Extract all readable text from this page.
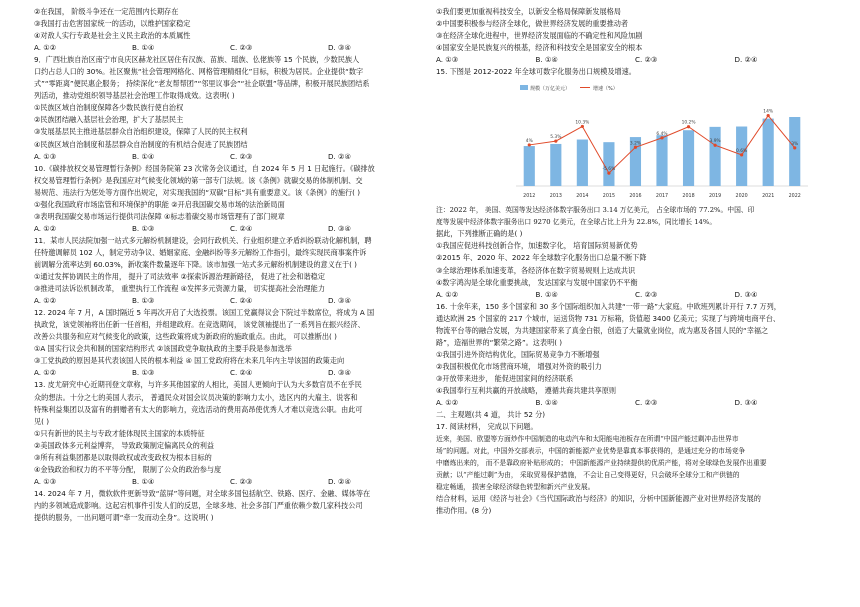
②在我国， 阶级斗争还在一定范围内长期存在
③我国打击危害国家统一的活动，以维护国家稳定
④对敌人实行专政是社会主义民主政治的本质属性
A. ①②	B. ①④	C. ②③	D. ③④
9．广西壮族自治区南宁市良庆区赫龙社区居住有汉族、苗族、瑶族、仫佬族等 15 个民族，少数民族人
口约占总人口的 30%。社区聚焦“社会管理网格化、网格管理精细化”目标，积极为居民。企业提供“数字
式”“零距离”便民惠企服务； 持续深化“老友帮帮团”“邻里议事会”“社企联盟”等品牌，积极开展民族团结系
列活动，推动党组织领导基层社会治理工作取得成效。这表明( )
①民族区域自治制度保障各少数民族行使自治权
②民族团结融入基层社会治理，扩大了基层民主
③发展基层民主推进基层群众自治组织建设，保障了人民的民主权利
④民族区域自治制度和基层群众自治制度的有机结合促进了民族团结
A. ①③	B. ①④	C. ②③	D. ②④
10.《碳排放权交易管理暂行条例》经国务院第 23 次常务会议通过，自 2024 年 5 月 1 日起施行。《碳排放
权交易管理暂行条例》是我国应对气候变化领域的第一部专门法规。该《条例》就碳交易的体制机制、交
易规范、违法行为惩处等方面作出规定，对实现我国的“双碳”目标”具有重要意义。该《条例》的施行( )
①强化我国政府市场监管和环境保护的职能 ②开启我国碳交易市场的法治新局面
③表明我国碳交易市场运行提供司法保障 ④标志着碳交易市场管理有了部门规章
A. ①②	B. ①③	C. ②④	D. ③④
11．某市人民法院加强一站式多元解纷机制建设，会同行政机关、行业组织建立矛盾纠纷联动化解机制，聘
任特邀调解员 102 人，制定劳动争议、婚姻家庭、金融纠纷等多元解纷工作指引，最终实现民商事案件诉
前调解分流率达到 60.03%，新收案件数量逐年下降。该市加强一站式多元解纷机制建设的意义在于( )
①通过发挥协调民主的作用， 提升了司法效率 ②探索诉源治理新路径， 促进了社会和谐稳定
③推进司法诉讼机制改革， 重塑执行工作流程 ④发挥多元资源力量， 切实提高社会治理能力
A. ①②	B. ①③	C. ②④	D. ③④
12. 2024 年 7 月，A 国时隔近 5 年再次开启了大选投票。该国工党赢得议会下院过半数席位，将成为 A 国
执政党，该党领袖将出任新一任首相，并组建政府。在竞选期间， 该党领袖提出了一系列旨在振兴经济、
改善公共服务和应对气候变化的政策，这些政策将成为新政府的施政重点。由此， 可以推断出( )
①A 国实行议会共和制的国家结构形式 ②该国政党争取执政的主要手段是参加选举
③工党执政的原因是其代表该国人民的根本利益 ④ 国工党政府将在未来几年内主导该国的政策走向
A. ①②	B. ①③	C. ②④	D. ③④
13. 皮尤研究中心近期刊登文章称，与许多其他国家的人相比，美国人更倾向于认为大多数官员不在乎民
众的想法。十分之七的美国人表示， 普通民众对国会议员决策的影响力太小，选区内的大雇主、说客和
特殊利益集团以及富有的捐赠者有太大的影响力，竞选活动的费用高昂使优秀人才难以竞选公职。由此可
见( )
①只有新世的民主与专政才能体现民主国家的本质特征
②美国政体多元利益博弈， 导致政策制定偏离民众的利益
③所有利益集团都是以取得政权或改变政权为根本目标的
④金钱政治和权力的不平等分配， 限制了公众的政治参与度
A. ①③	B. ①④	C. ②③	D. ②④
14. 2024 年 7 月，微软软件更新导致“蓝屏”等问题，对全球多国包括航空、铁路、医疗、金融、媒体等在
内的多领域造成影响。这起宕机事件引发人们的反思，全球多地、社会多部门严重依赖少数几家科技公司
提供的服务，一出问题可谓“牵一发而动全身”。这说明( )
①我们要更加重视科技安全，以新安全格局保障新发展格局
②中国要积极参与经济全球化，做世界经济发展的重要推动者
③在经济全球化进程中，世界经济发展面临的不确定性和风险加剧
④国家安全是民族复兴的根基，经济和科技安全是国家安全的根本
A. ①③	B. ①④	C. ②③	D. ②④
15. 下图是 2012-2022 年全球可数字化服务出口规模及增速。
规模（万亿美元）	增速（%）
2012	2013	2014	2015	2016	2017	2018	2019	2020	2021	2022
4%
5.3%
10.3%
-5.6%
3.2%
6.4%
10.2%
3.9%
0.6%
14%
3%
注：2022 年， 美国、英国等发达经济体数字服务出口 3.14 万亿美元， 占全球市场的 77.2%。中国、印
度等发展中经济体数字服务出口 9270 亿美元，在全球占比上升为 22.8%，同比增长 14%。
据此，下列推断正确的是( )
①我国应促进科技创新合作，加速数字化， 培育国际贸易新优势
②2015 年、2020 年、2022 年全球数字化服务出口总量不断下降
③全球治理体系加速变革，各经济体在数字贸易规则上达成共识
④数字鸿沟是全球化重要挑战， 发达国家与发展中国家仍不平衡
A. ①②	B. ①④	C. ②③	D. ③④
16. 十余年来，150 多个国家和 30 多个国际组织加入共建“一带一路”大家庭。中欧班列累计开行 7.7 万列，
通达欧洲 25 个国家的 217 个城市，运送货物 731 万标箱，货值超 3400 亿美元；实现了与跨境电商平台、
物流平台等的融合发展，为共建国家带来了真金白银，创造了大量就业岗位，成为惠及各国人民的“幸福之
路”，造福世界的“繁荣之路”。这表明( )
①我国引进外资结构优化，国际贸易竞争力不断增强
②我国积极优化市场营商环境， 增强对外资的吸引力
③开放带来进步， 能促进国家间的经济联系
④我国奉行互利共赢的开放战略， 遵循共商共建共享原则
A. ①②	B. ①④	C. ②③	D. ③④
二、主观题(共 4 道， 共计 52 分)
17. 阅读材料， 完成以下问题。
近来，美国、欧盟等方面炒作中国制造的电动汽车和太阳能电池板存在所谓“中国产能过剩冲击世界市
场”的问题。对此，中国外交部表示，中国的新能源产业优势是靠真本事获得的，是通过充分的市场竞争
中磨炼出来的， 而不是靠政府补贴形成的； 中国新能源产业持续提供的优质产能，将对全球绿色发展作出重要
贡献；以“产能过剩”为由， 采取贸易保护措施， 不会让自己变得更好，只会破坏全球分工和产供链的
稳定畅通， 损害全球经济绿色转型和新兴产业发展。
结合材料，运用《经济与社会》《当代国际政治与经济》的知识，分析中国新能源产业对世界经济发展的
推动作用。(8 分)
